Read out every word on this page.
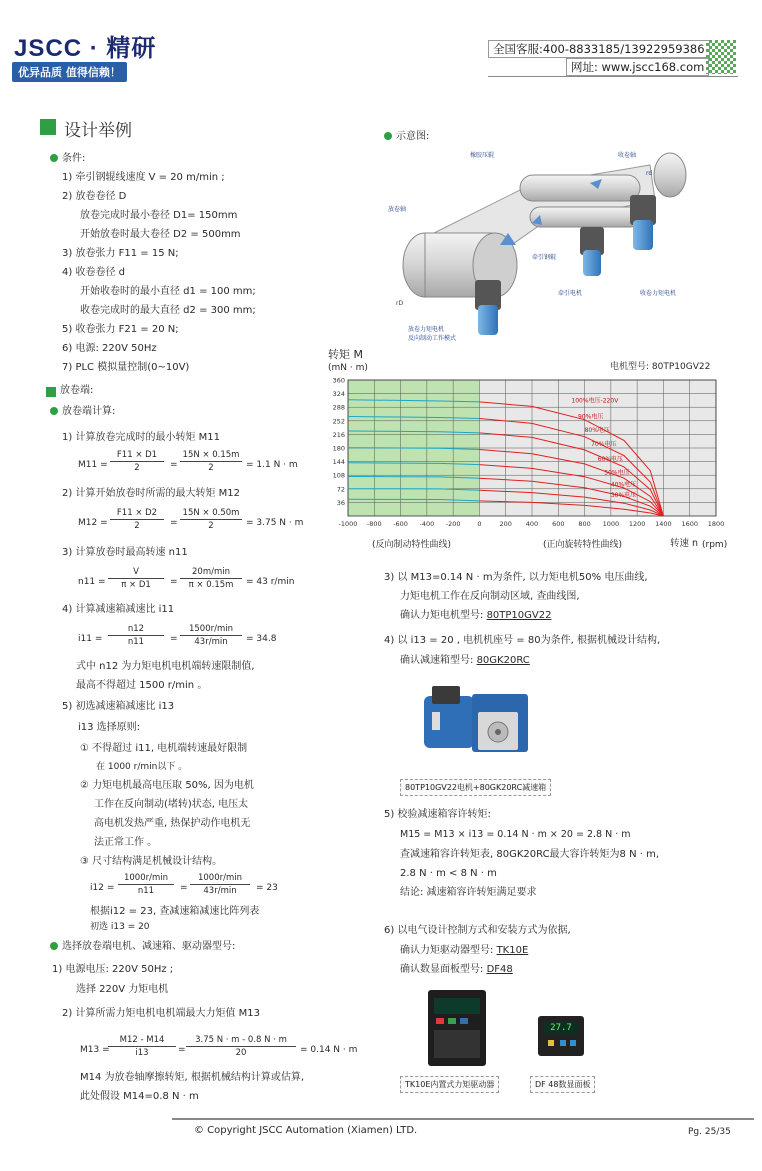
JSCC · 精研
优异品质 值得信赖！
全国客服:400-8833185/13922959386
网址: www.jscc168.com
设计举例
条件:
1) 牵引钢辊线速度 V = 20 m/min ;
2) 放卷卷径 D
放卷完成时最小卷径 D1= 150mm
开始放卷时最大卷径 D2 = 500mm
3) 放卷张力 F11 = 15 N;
4) 收卷卷径 d
开始收卷时的最小直径 d1 = 100 mm;
收卷完成时的最大直径 d2 = 300 mm;
5) 收卷张力 F21 = 20 N;
6) 电源: 220V 50Hz
7) PLC 模拟量控制(0~10V)
放卷端:
放卷端计算:
1) 计算放卷完成时的最小转矩 M11
$M11 = \frac{F11 \times D1}{2} = \frac{15N \times 0.15m}{2} = 1.1$ N · m
2) 计算开始放卷时所需的最大转矩 M12
$M12 = \frac{F11 \times D2}{2} = \frac{15N \times 0.50m}{2} = 3.75$ N · m
3) 计算放卷时最高转速 n11
$n11 = \frac{V}{\pi \times D1}$ =
20m/min
π × 0.15m	= 43 r/min
4) 计算减速箱减速比 i11
$i11 = \frac{n12}{n11}$ =
1500r/min
43r/min	= 34.8
式中 n12 为力矩电机电机端转速限制值,
最高不得超过 1500 r/min 。
5) 初选减速箱减速比 i13
i13 选择原则:
① 不得超过 i11, 电机端转速最好限制
在 1000 r/min以下 。
② 力矩电机最高电压取 50%, 因为电机
工作在反向制动(堵转)状态, 电压太
高电机发热严重, 热保护动作电机无
法正常工作 。
③ 尺寸结构满足机械设计结构。
i12 =
1000r/min
n11	=
1000r/min
43r/min	= 23
根据i12 = 23, 查减速箱减速比阵列表
初选 i13 = 20
选择放卷端电机、减速箱、驱动器型号:
1) 电源电压: 220V 50Hz ;
选择 220V 力矩电机
2) 计算所需力矩电机电机端最大力矩值 M13
M13 =
$\frac{M12 - M14}{i13} = \frac{3.75 N \cdot m - 0.8 N \cdot m}{20} = 0.14$ N · m
M14 为放卷轴摩擦转矩, 根据机械结构计算或估算,
此处假设 M14=0.8 N · m
示意图:
橡胶压辊	收卷轴
放卷轴
牵引钢辊
牵引电机	收卷力矩电机
放卷力矩电机
反向制动工作模式
rD
rd
转矩 M
(mN · m)	电机型号: 80TP10GV22
-1000 -800 -600 -400 -200	0	200 400 600 800 1000 1200 1400 1600 1800
36
72
108
144
180
216
252
288
324
360
100%电压-220V
90%电压
80%电压
70%电压
60%电压
50%电压
40%电压
30%电压
(反向制动特性曲线)	(正向旋转特性曲线)	转速 n (rpm)
3) 以 M13=0.14 N · m为条件, 以力矩电机50% 电压曲线,
力矩电机工作在反向制动区域, 查曲线图,
确认力矩电机型号: 80TP10GV22
4) 以 i13 = 20 , 电机机座号 = 80为条件, 根据机械设计结构,
确认减速箱型号: 80GK20RC
80TP10GV22电机+80GK20RC减速箱
5) 校验减速箱容许转矩:
M15 = M13 × i13 = 0.14 N · m × 20 = 2.8 N · m
查减速箱容许转矩表, 80GK20RC最大容许转矩为8 N · m,
2.8 N · m < 8 N · m
结论: 减速箱容许转矩满足要求
6) 以电气设计控制方式和安装方式为依据,
确认力矩驱动器型号: TK10E
确认数显面板型号: DF48
TK10E内置式力矩驱动器
27.7
DF 48数显面板
© Copyright JSCC Automation (Xiamen) LTD.	Pg. 25/35
